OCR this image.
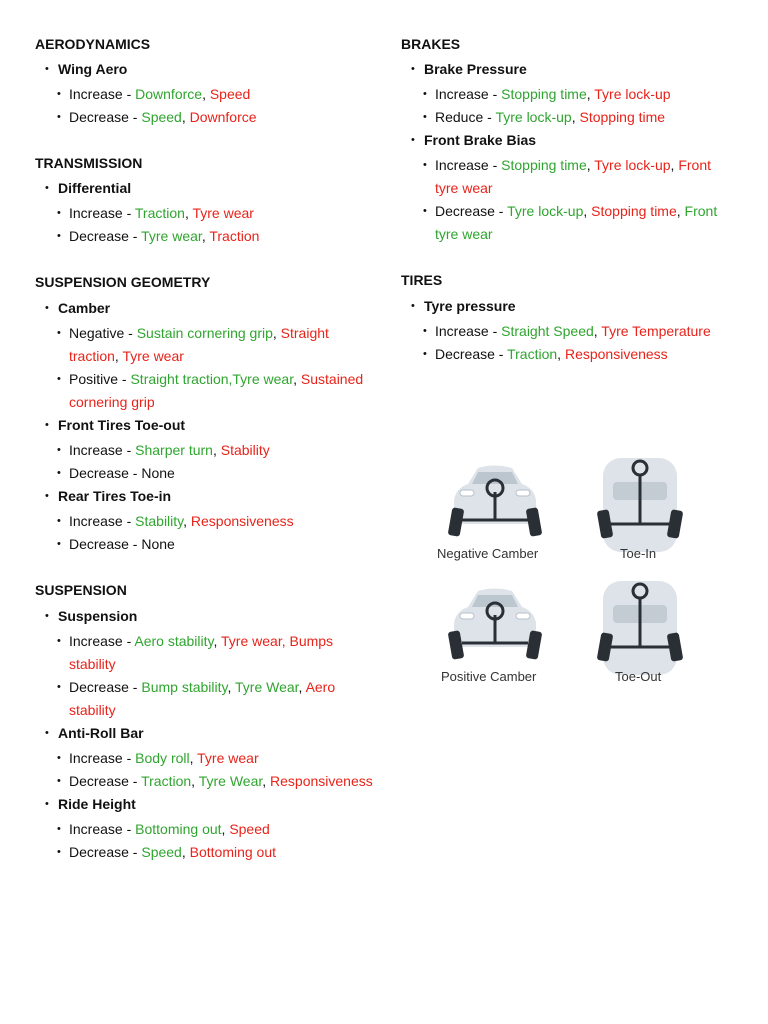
AERODYNAMICS
• Wing Aero
• Increase - Downforce, Speed
• Decrease - Speed, Downforce
TRANSMISSION
• Differential
• Increase - Traction, Tyre wear
• Decrease - Tyre wear, Traction
SUSPENSION GEOMETRY
• Camber
• Negative - Sustain cornering grip, Straight traction, Tyre wear
• Positive - Straight traction,Tyre wear, Sustained cornering grip
• Front Tires Toe-out
• Increase - Sharper turn, Stability
• Decrease - None
• Rear Tires Toe-in
• Increase - Stability, Responsiveness
• Decrease - None
SUSPENSION
• Suspension
• Increase - Aero stability, Tyre wear, Bumps stability
• Decrease - Bump stability, Tyre Wear, Aero stability
• Anti-Roll Bar
• Increase - Body roll, Tyre wear
• Decrease - Traction, Tyre Wear, Responsiveness
• Ride Height
• Increase - Bottoming out, Speed
• Decrease - Speed, Bottoming out
BRAKES
• Brake Pressure
• Increase - Stopping time, Tyre lock-up
• Reduce - Tyre lock-up, Stopping time
• Front Brake Bias
• Increase - Stopping time, Tyre lock-up, Front tyre wear
• Decrease - Tyre lock-up, Stopping time, Front tyre wear
TIRES
• Tyre pressure
• Increase - Straight Speed, Tyre Temperature
• Decrease - Traction, Responsiveness
Negative Camber	Toe-In
Positive Camber	Toe-Out
